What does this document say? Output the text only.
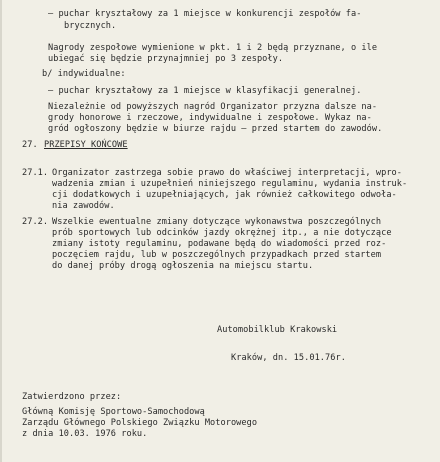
– puchar kryształowy za 1 miejsce w konkurencji zespołów fa-
brycznych.
Nagrody zespołowe wymienione w pkt. 1 i 2 będą przyznane, o ile
ubiegać się będzie przynajmniej po 3 zespoły.
b/ indywidualne:
– puchar kryształowy za 1 miejsce w klasyfikacji generalnej.
Niezależnie od powyższych nagród Organizator przyzna dalsze na-
grody honorowe i rzeczowe, indywidualne i zespołowe. Wykaz na-
gród ogłoszony będzie w biurze rajdu – przed startem do zawodów.
27. PRZEPISY KOŃCOWE
27.1. Organizator zastrzega sobie prawo do właściwej interpretacji, wpro-
wadzenia zmian i uzupełnień niniejszego regulaminu, wydania instruk-
cji dodatkowych i uzupełniających, jak również całkowitego odwoła-
nia zawodów.
27.2. Wszelkie ewentualne zmiany dotyczące wykonawstwa poszczególnych
prób sportowych lub odcinków jazdy okrężnej itp., a nie dotyczące
zmiany istoty regulaminu, podawane będą do wiadomości przed roz-
poczęciem rajdu, lub w poszczególnych przypadkach przed startem
do danej próby drogą ogłoszenia na miejscu startu.
Automobilklub Krakowski
Kraków, dn. 15.01.76r.
Zatwierdzono przez:
Główną Komisję Sportowo-Samochodową
Zarządu Głównego Polskiego Związku Motorowego
z dnia 10.03. 1976 roku.
